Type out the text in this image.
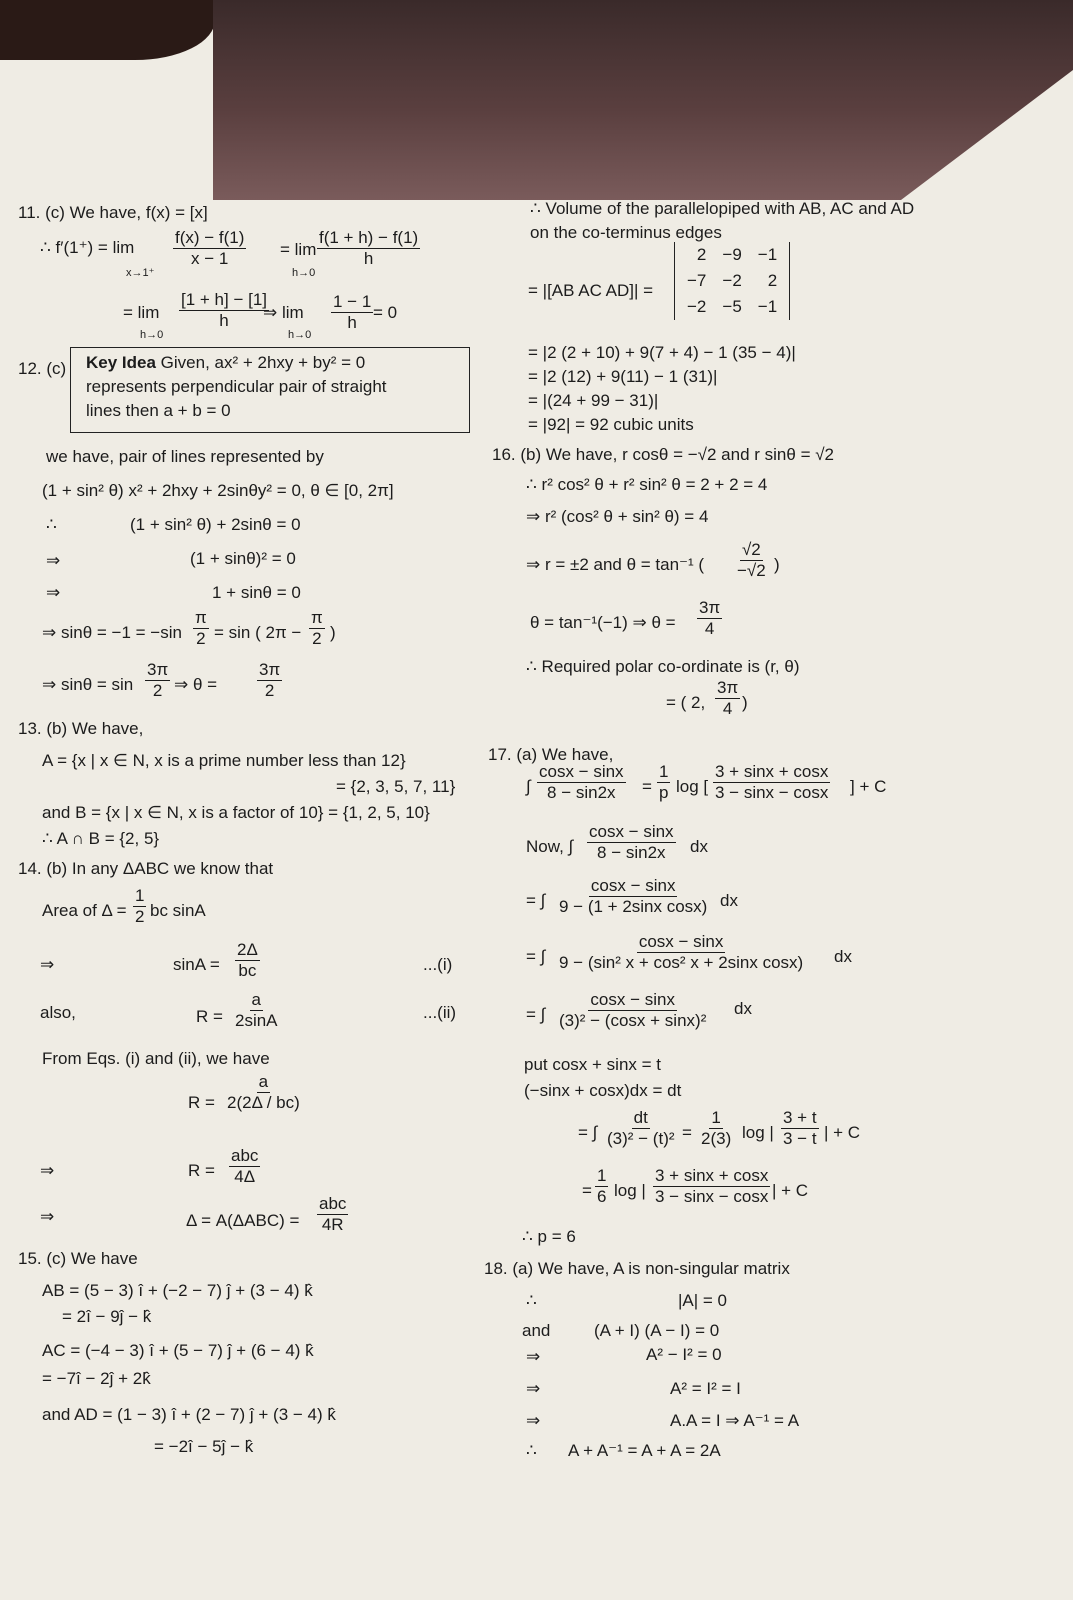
11. (c) We have, f(x) = [x]
∴ f′(1⁺) = lim
x→1⁺
$\frac{f(x) - f(1)}{x - 1} = \lim$
h→0
$\frac{f(1 + h) - f(1)}{h}$
= lim
h→0
$\frac{[1 + h] - [1]}{h}$
⇒ lim
h→0
$\frac{1 - 1}{h} = 0$
12. (c) Key Idea Given, ax² + 2hxy + by² = 0
represents perpendicular pair of straight
lines then a + b = 0
we have, pair of lines represented by
(1 + sin² θ) x² + 2hxy + 2sinθy² = 0, θ ∈ [0, 2π]
∴	(1 + sin² θ) + 2sinθ = 0
⇒	(1 + sinθ)² = 0
⇒	1 + sinθ = 0
⇒ $\sin\theta = -1 = -\sin \frac{\pi}{2} = \sin$ ( $2\pi - \frac{\pi}{2}$ )
⇒ $\sin\theta = \sin \frac{3\pi}{2}$ ⇒ $\theta = \frac{3\pi}{2}$
13. (b) We have,
A = {x | x ∈ N, x is a prime number less than 12}
= {2, 3, 5, 7, 11}
and B = {x | x ∈ N, x is a factor of 10} = {1, 2, 5, 10}
∴ A ∩ B = {2, 5}
14. (b) In any ΔABC we know that
Area of $\Delta = \frac{1}{2}$ bc sinA
⇒	$\sin A = \frac{2\Delta}{bc}$	...(i)
also,	$R = \frac{a}{2\sin A}$	...(ii)
From Eqs. (i) and (ii), we have
$R = \frac{a}{2(2\Delta / bc)}$
⇒	$R = \frac{\text{abc}}{4\Delta}$
⇒	$\Delta = A(\Delta ABC) = \frac{\text{abc}}{4R}$
15. (c) We have
AB = (5 − 3) î + (−2 − 7) ĵ + (3 − 4) k̂
= 2î − 9ĵ − k̂
AC = (−4 − 3) î + (5 − 7) ĵ + (6 − 4) k̂
= −7î − 2ĵ + 2k̂
and AD = (1 − 3) î + (2 − 7) ĵ + (3 − 4) k̂
= −2î − 5ĵ − k̂
∴ Volume of the parallelopiped with AB, AC and AD
on the co-terminus edges
= |[AB AC AD]| =
2	−9	−1
−7	−2	2
−2	−5	−1
= |2 (2 + 10) + 9(7 + 4) − 1 (35 − 4)|
= |2 (12) + 9(11) − 1 (31)|
= |(24 + 99 − 31)|
= |92| = 92 cubic units
16. (b) We have, r cosθ = −√2 and r sinθ = √2
∴ r² cos² θ + r² sin² θ = 2 + 2 = 4
⇒ r² (cos² θ + sin² θ) = 4
⇒ r = ±2 and θ = tan⁻¹ ( $\frac{√2}{-√2}$ )
θ = tan⁻¹(−1) ⇒ $\theta = \frac{3\pi}{4}$
∴ Required polar co-ordinate is (r, θ)
= ( 2, $\frac{3\pi}{4}$ )
17. (a) We have,
∫ $\frac{\cos x - \sin x}{8 - \sin 2x} = \frac{1}{p}$ log [ $\frac{3 + \sin x + \cos x}{3 - \sin x - \cos x}$ ] + C
Now, ∫ $\frac{\cos x - \sin x}{8 - \sin 2x}$ dx
= ∫ $\frac{\cos x - \sin x}{\text{9 − (1 + 2sinx cosx)}}$ dx
= ∫ $\frac{\cos x - \sin x}{\text{9 − (sin² x + cos² x + 2sinx cosx)}}$ dx
= ∫ $\frac{\cos x - \sin x}{\text{(3)² − (cosx + sinx)²}}$ dx
put cosx + sinx = t
(−sinx + cosx)dx = dt
= ∫ $\frac{dt}{\text{(3)² − (t)²}} = \frac{1}{2(3)}$ log | $\frac{3 + t}{3 - t}$ | + C
= $\frac{1}{6}$ log | $\frac{3 + \sin x + \cos x}{3 - \sin x - \cos x}$ | + C
∴ p = 6
18. (a) We have, A is non-singular matrix
∴	|A| = 0
and	(A + I) (A − I) = 0
⇒	A² − I² = 0
⇒	A² = I² = I
⇒	A.A = I ⇒ A⁻¹ = A
∴ A + A⁻¹ = A + A = 2A
